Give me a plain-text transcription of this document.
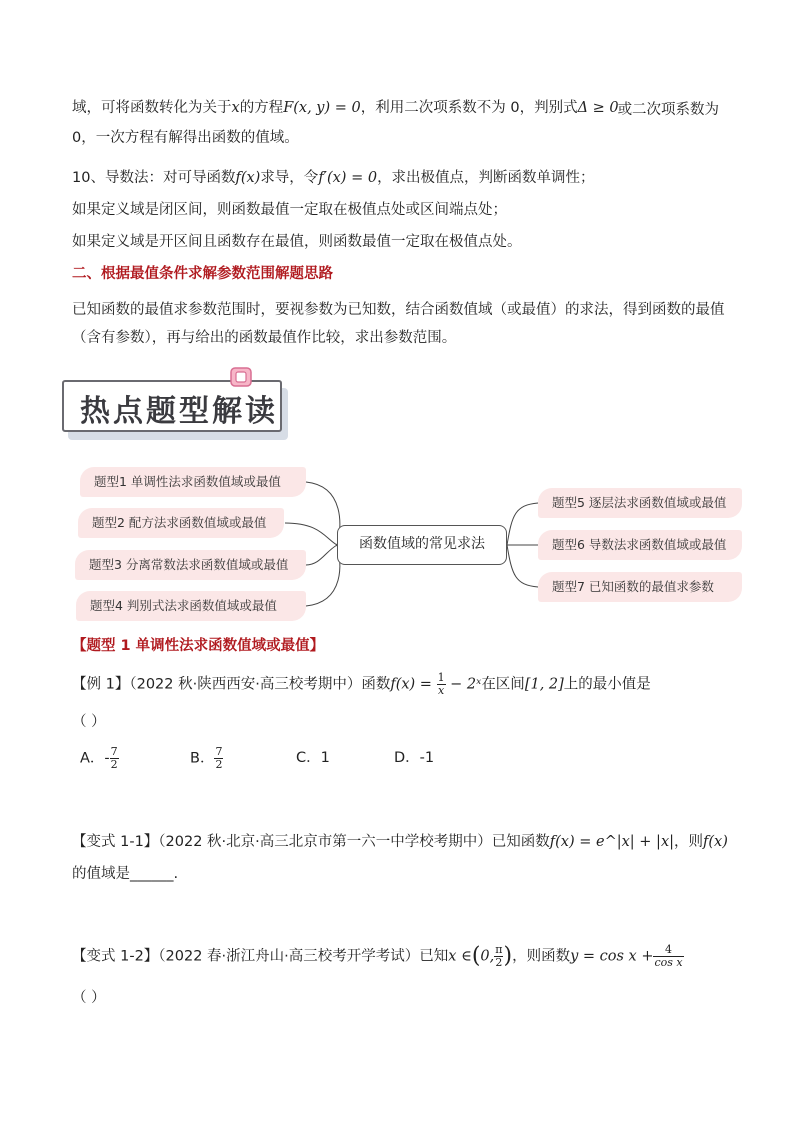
域，可将函数转化为关于x的方程F(x, y) = 0，利用二次项系数不为 0，判别式Δ ≥ 0
或二次项系数为 0，一次方程有解得出函数的值域。
10、导数法：对可导函数f(x)求导，令f′(x) = 0，求出极值点，判断函数单调性；
如果定义域是闭区间，则函数最值一定取在极值点处或区间端点处；
如果定义域是开区间且函数存在最值，则函数最值一定取在极值点处。
二、根据最值条件求解参数范围解题思路

已知函数的最值求参数范围时，要视参数为已知数，结合函数值域（或最值）的求法，得到函数的最值（含有参数），再与给出的函数最值作比较，求出参数范围。

热点题型解读
题型1 单调性法求函数值域或最值
题型2 配方法求函数值域或最值
题型3 分离常数法求函数值域或最值
题型4 判别式法求函数值域或最值
函数值域的常见求法
题型5 逐层法求函数值域或最值
题型6 导数法求函数值域或最值
题型7 已知函数的最值求参数
【题型 1 单调性法求函数值域或最值】
【例 1】（2022 秋·陕西西安·高三校考期中）函数$f(x) = \frac{1}{x}$ − 2ˣ在区间[1, 2]上的最小值是
（ ）
A．- $\frac{7}{2}$	B． $\frac{7}{2}$	C．1	D．-1
【变式 1-1】（2022 秋·北京·高三北京市第一六一中学校考期中）已知函数f(x) = e^|x| + |x|，则f(x)
的值域是______.
【变式 1-2】（2022 春·浙江舟山·高三校考开学考试）已知x ∈(0, $\frac{\pi}{2}$ )，则函数$y = \cos x + \frac{4}{\text{cos x}}$
（ ）
